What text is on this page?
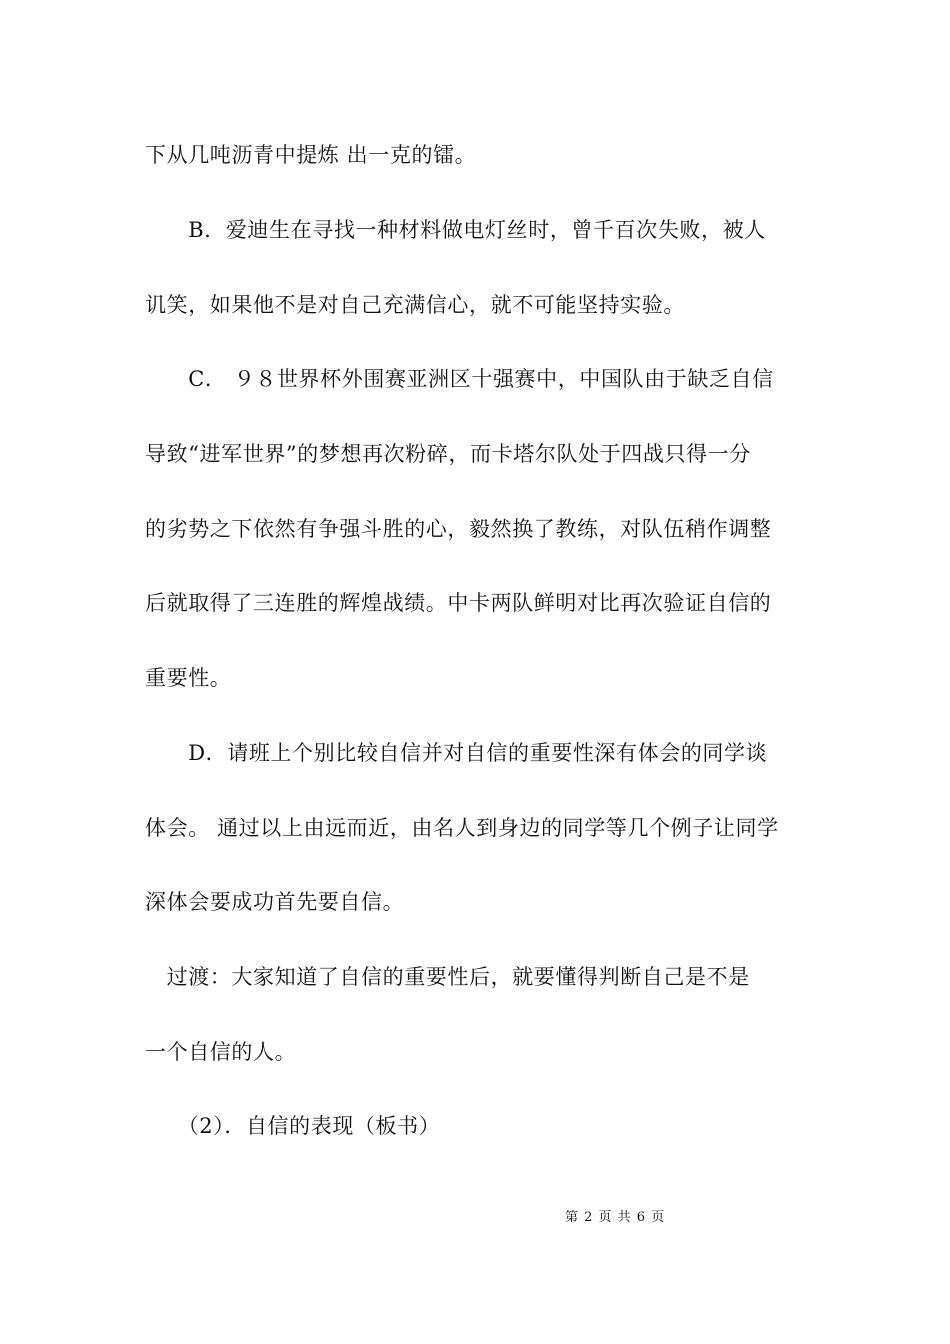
下从几吨沥青中提炼 出一克的镭。
　　B．爱迪生在寻找一种材料做电灯丝时，曾千百次失败，被人
讥笑，如果他不是对自己充满信心，就不可能坚持实验。
　　C． ９８世界杯外围赛亚洲区十强赛中，中国队由于缺乏自信
导致“进军世界”的梦想再次粉碎，而卡塔尔队处于四战只得一分
的劣势之下依然有争强斗胜的心，毅然换了教练，对队伍稍作调整
后就取得了三连胜的辉煌战绩。中卡两队鲜明对比再次验证自信的
重要性。
　　D．请班上个别比较自信并对自信的重要性深有体会的同学谈
体会。 通过以上由远而近，由名人到身边的同学等几个例子让同学
深体会要成功首先要自信。
　过渡：大家知道了自信的重要性后，就要懂得判断自己是不是
一个自信的人。
　　（2）．自信的表现（板书）
第 2 页 共 6 页
